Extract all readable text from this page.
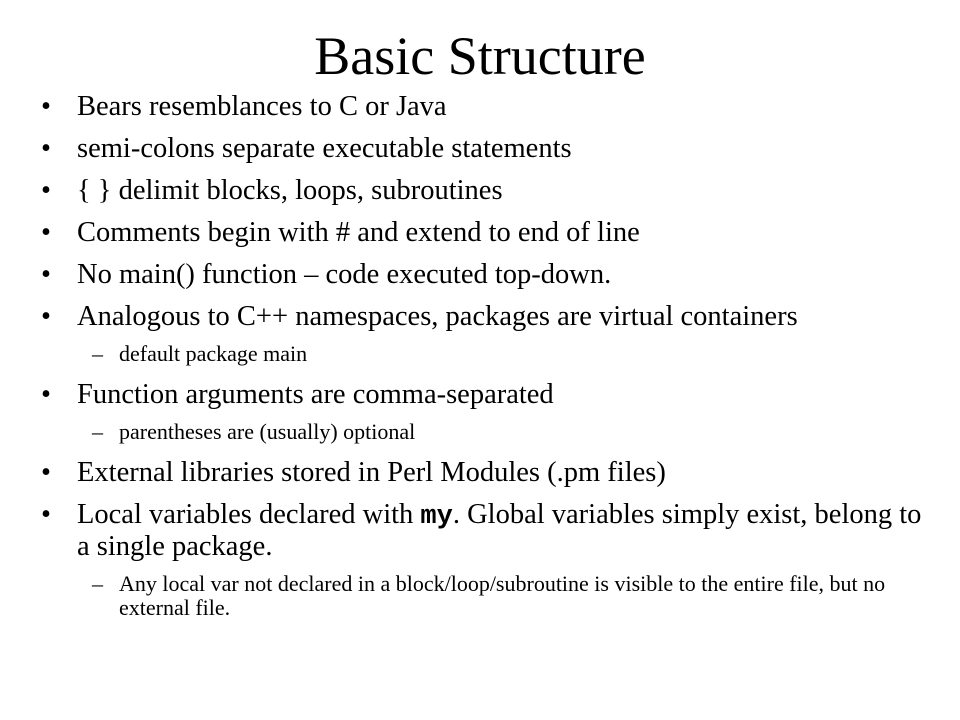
Basic Structure
• Bears resemblances to C or Java
• semi-colons separate executable statements
• { } delimit blocks, loops, subroutines
• Comments begin with # and extend to end of line
• No main() function – code executed top-down.
• Analogous to C++ namespaces, packages are virtual containers
– default package main
• Function arguments are comma-separated
– parentheses are (usually) optional
• External libraries stored in Perl Modules (.pm files)
• Local variables declared with my. Global variables simply exist, belong to a single package.
– Any local var not declared in a block/loop/subroutine is visible to the entire file, but no external file.
